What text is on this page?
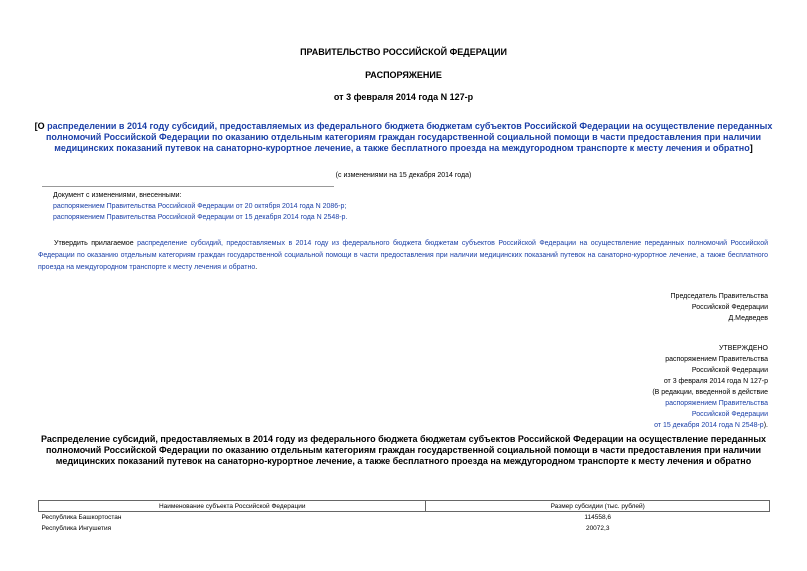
ПРАВИТЕЛЬСТВО РОССИЙСКОЙ ФЕДЕРАЦИИ
РАСПОРЯЖЕНИЕ
от 3 февраля 2014 года N 127-р
[О распределении в 2014 году субсидий, предоставляемых из федерального бюджета бюджетам субъектов Российской Федерации на осуществление переданных полномочий Российской Федерации по оказанию отдельным категориям граждан государственной социальной помощи в части предоставления при наличии медицинских показаний путевок на санаторно-курортное лечение, а также бесплатного проезда на междугородном транспорте к месту лечения и обратно]
(с изменениями на 15 декабря 2014 года)
Документ с изменениями, внесенными:
распоряжением Правительства Российской Федерации от 20 октября 2014 года N 2086-р;
распоряжением Правительства Российской Федерации от 15 декабря 2014 года N 2548-р.
Утвердить прилагаемое распределение субсидий, предоставляемых в 2014 году из федерального бюджета бюджетам субъектов Российской Федерации на осуществление переданных полномочий Российской Федерации по оказанию отдельным категориям граждан государственной социальной помощи в части предоставления при наличии медицинских показаний путевок на санаторно-курортное лечение, а также бесплатного проезда на междугородном транспорте к месту лечения и обратно.
Председатель Правительства
Российской Федерации
Д.Медведев
УТВЕРЖДЕНО
распоряжением Правительства
Российской Федерации
от 3 февраля 2014 года N 127-р
(В редакции, введенной в действие
распоряжением Правительства
Российской Федерации
от 15 декабря 2014 года N 2548-р).
Распределение субсидий, предоставляемых в 2014 году из федерального бюджета бюджетам субъектов Российской Федерации на осуществление переданных полномочий Российской Федерации по оказанию отдельным категориям граждан государственной социальной помощи в части предоставления при наличии медицинских показаний путевок на санаторно-курортное лечение, а также бесплатного проезда на междугородном транспорте к месту лечения и обратно
Наименование субъекта Российской Федерации	Размер субсидии (тыс. рублей)
Республика Башкортостан	114558,6
Республика Ингушетия	20072,3
